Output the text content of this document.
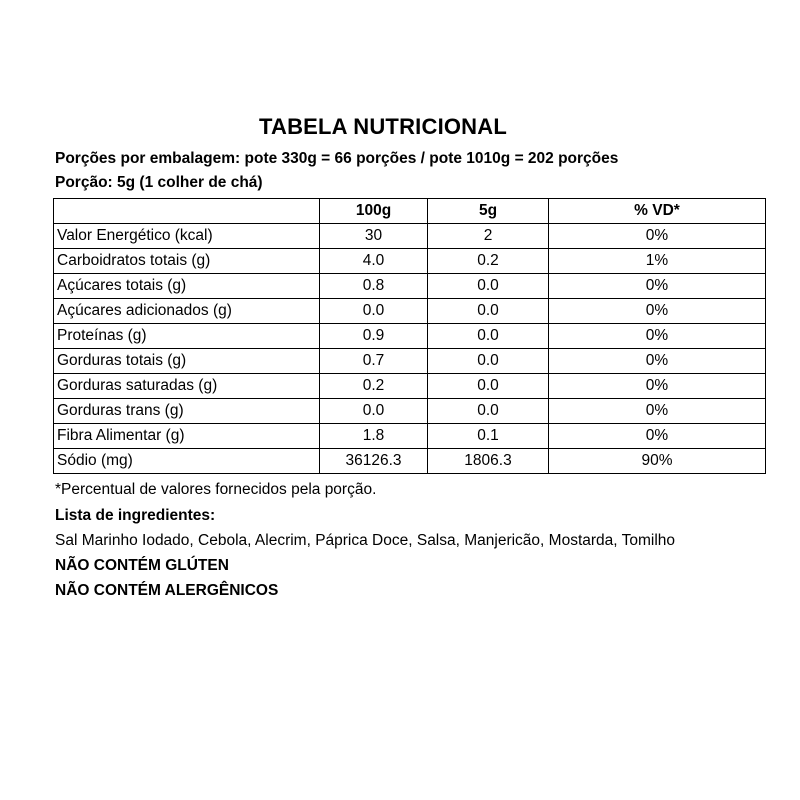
TABELA NUTRICIONAL
Porções por embalagem: pote 330g = 66 porções / pote 1010g = 202 porções
Porção: 5g (1 colher de chá)
	100g	5g	% VD*
Valor Energético (kcal)	30	2	0%
Carboidratos totais (g)	4.0	0.2	1%
Açúcares totais (g)	0.8	0.0	0%
Açúcares adicionados (g)	0.0	0.0	0%
Proteínas (g)	0.9	0.0	0%
Gorduras totais (g)	0.7	0.0	0%
Gorduras saturadas (g)	0.2	0.0	0%
Gorduras trans (g)	0.0	0.0	0%
Fibra Alimentar (g)	1.8	0.1	0%
Sódio (mg)	36126.3	1806.3	90%
*Percentual de valores fornecidos pela porção.
Lista de ingredientes:
Sal Marinho Iodado, Cebola, Alecrim, Páprica Doce, Salsa, Manjericão, Mostarda, Tomilho
NÃO CONTÉM GLÚTEN
NÃO CONTÉM ALERGÊNICOS
